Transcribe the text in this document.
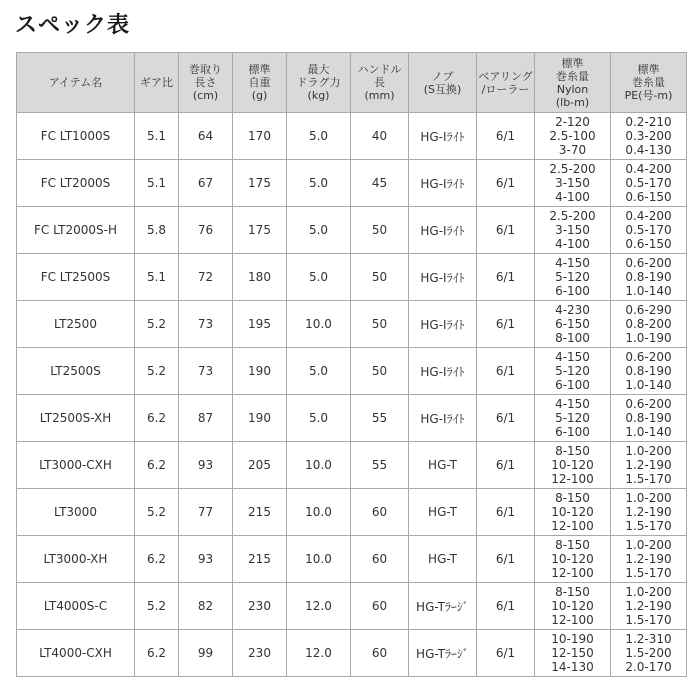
スペック表
アイテム名	ギア比	巻取り
長さ
(cm)	標準
自重
(g)	最大
ドラグ力
(kg)	ハンドル
長
(mm)	ノブ
(S互換)	ベアリング
/ローラー	標準
巻糸量
Nylon
(lb-m)	標準
巻糸量
PE(号-m)

FC LT1000S	5.1	64	170	5.0	40	HG-Iﾗｲﾄ	6/1	2-120
2.5-100
3-70	0.2-210
0.3-200
0.4-130

FC LT2000S	5.1	67	175	5.0	45	HG-Iﾗｲﾄ	6/1	2.5-200
3-150
4-100	0.4-200
0.5-170
0.6-150

FC LT2000S-H	5.8	76	175	5.0	50	HG-Iﾗｲﾄ	6/1	2.5-200
3-150
4-100	0.4-200
0.5-170
0.6-150

FC LT2500S	5.1	72	180	5.0	50	HG-Iﾗｲﾄ	6/1	4-150
5-120
6-100	0.6-200
0.8-190
1.0-140

LT2500	5.2	73	195	10.0	50	HG-Iﾗｲﾄ	6/1	4-230
6-150
8-100	0.6-290
0.8-200
1.0-190

LT2500S	5.2	73	190	5.0	50	HG-Iﾗｲﾄ	6/1	4-150
5-120
6-100	0.6-200
0.8-190
1.0-140

LT2500S-XH	6.2	87	190	5.0	55	HG-Iﾗｲﾄ	6/1	4-150
5-120
6-100	0.6-200
0.8-190
1.0-140

LT3000-CXH	6.2	93	205	10.0	55	HG-T	6/1	8-150
10-120
12-100	1.0-200
1.2-190
1.5-170

LT3000	5.2	77	215	10.0	60	HG-T	6/1	8-150
10-120
12-100	1.0-200
1.2-190
1.5-170

LT3000-XH	6.2	93	215	10.0	60	HG-T	6/1	8-150
10-120
12-100	1.0-200
1.2-190
1.5-170

LT4000S-C	5.2	82	230	12.0	60	HG-Tﾗｰｼﾞ	6/1	8-150
10-120
12-100	1.0-200
1.2-190
1.5-170

LT4000-CXH	6.2	99	230	12.0	60	HG-Tﾗｰｼﾞ	6/1	10-190
12-150
14-130	1.2-310
1.5-200
2.0-170
